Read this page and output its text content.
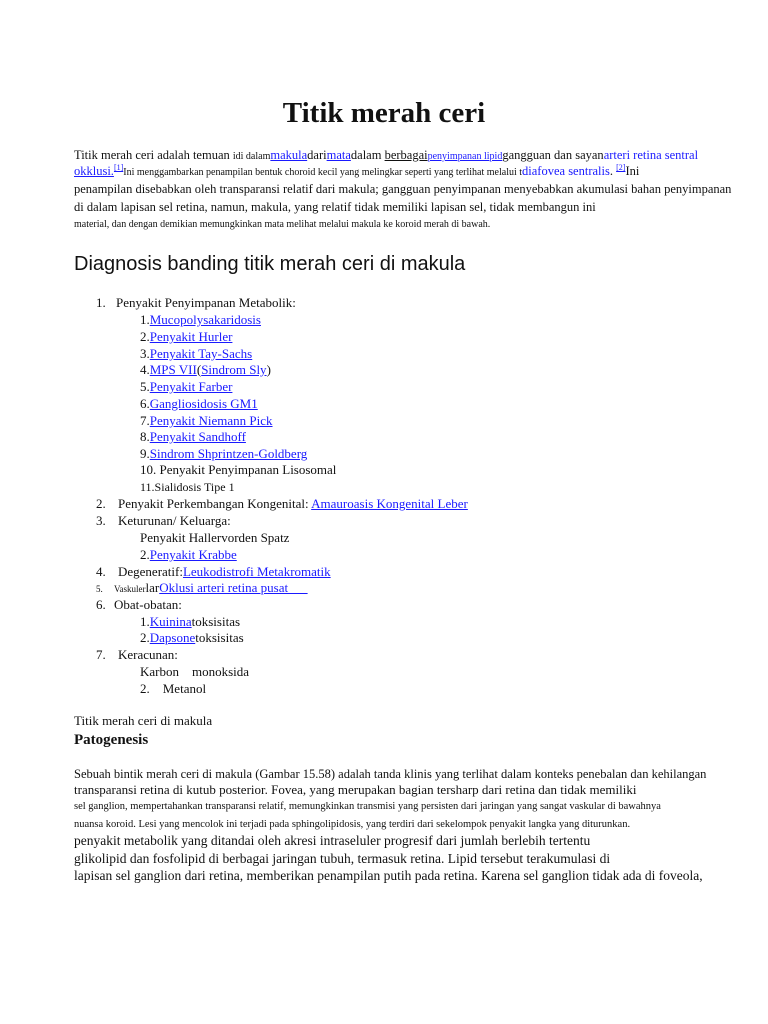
Titik merah ceri
Titik merah ceri adalah temuan idi dalammakuladarimatadalam berbagaipenyimpanan lipidgangguan dan sayanarteri retina sentral
okklusi.[1]Ini menggambarkan penampilan bentuk choroid kecil yang melingkar seperti yang terlihat melalui tdiafovea sentralis. [2]Ini
penampilan disebabkan oleh transparansi relatif dari makula; gangguan penyimpanan menyebabkan akumulasi bahan penyimpanan
di dalam lapisan sel retina, namun, makula, yang relatif tidak memiliki lapisan sel, tidak membangun ini
material, dan dengan demikian memungkinkan mata melihat melalui makula ke koroid merah di bawah.
Diagnosis banding titik merah ceri di makula
1. Penyakit Penyimpanan Metabolik:
1.Mucopolysakaridosis
2.Penyakit Hurler
3.Penyakit Tay-Sachs
4.MPS VII(Sindrom Sly)
5.Penyakit Farber
6.Gangliosidosis GM1
7.Penyakit Niemann Pick
8.Penyakit Sandhoff
9.Sindrom Shprintzen-Goldberg
10. Penyakit Penyimpanan Lisosomal
11.Sialidosis Tipe 1
2. Penyakit Perkembangan Kongenital: Amauroasis Kongenital Leber
3. Keturunan/ Keluarga:
Penyakit Hallervorden Spatz
2.Penyakit Krabbe
4. Degeneratif:Leukodistrofi Metakromatik
5. VaskulerlarOklusi arteri retina pusat
6. Obat-obatan:
1.Kuininatoksisitas
2.Dapsonetoksisitas
7. Keracunan:
Karbon    monoksida
2.    Metanol
Titik merah ceri di makula
Patogenesis
Sebuah bintik merah ceri di makula (Gambar 15.58) adalah tanda klinis yang terlihat dalam konteks penebalan dan kehilangan
transparansi retina di kutub posterior. Fovea, yang merupakan bagian tersharp dari retina dan tidak memiliki
sel ganglion, mempertahankan transparansi relatif, memungkinkan transmisi yang persisten dari jaringan yang sangat vaskular di bawahnya
nuansa koroid. Lesi yang mencolok ini terjadi pada sphingolipidosis, yang terdiri dari sekelompok penyakit langka yang diturunkan.
penyakit metabolik yang ditandai oleh akresi intraseluler progresif dari jumlah berlebih tertentu
glikolipid dan fosfolipid di berbagai jaringan tubuh, termasuk retina. Lipid tersebut terakumulasi di
lapisan sel ganglion dari retina, memberikan penampilan putih pada retina. Karena sel ganglion tidak ada di foveola,
